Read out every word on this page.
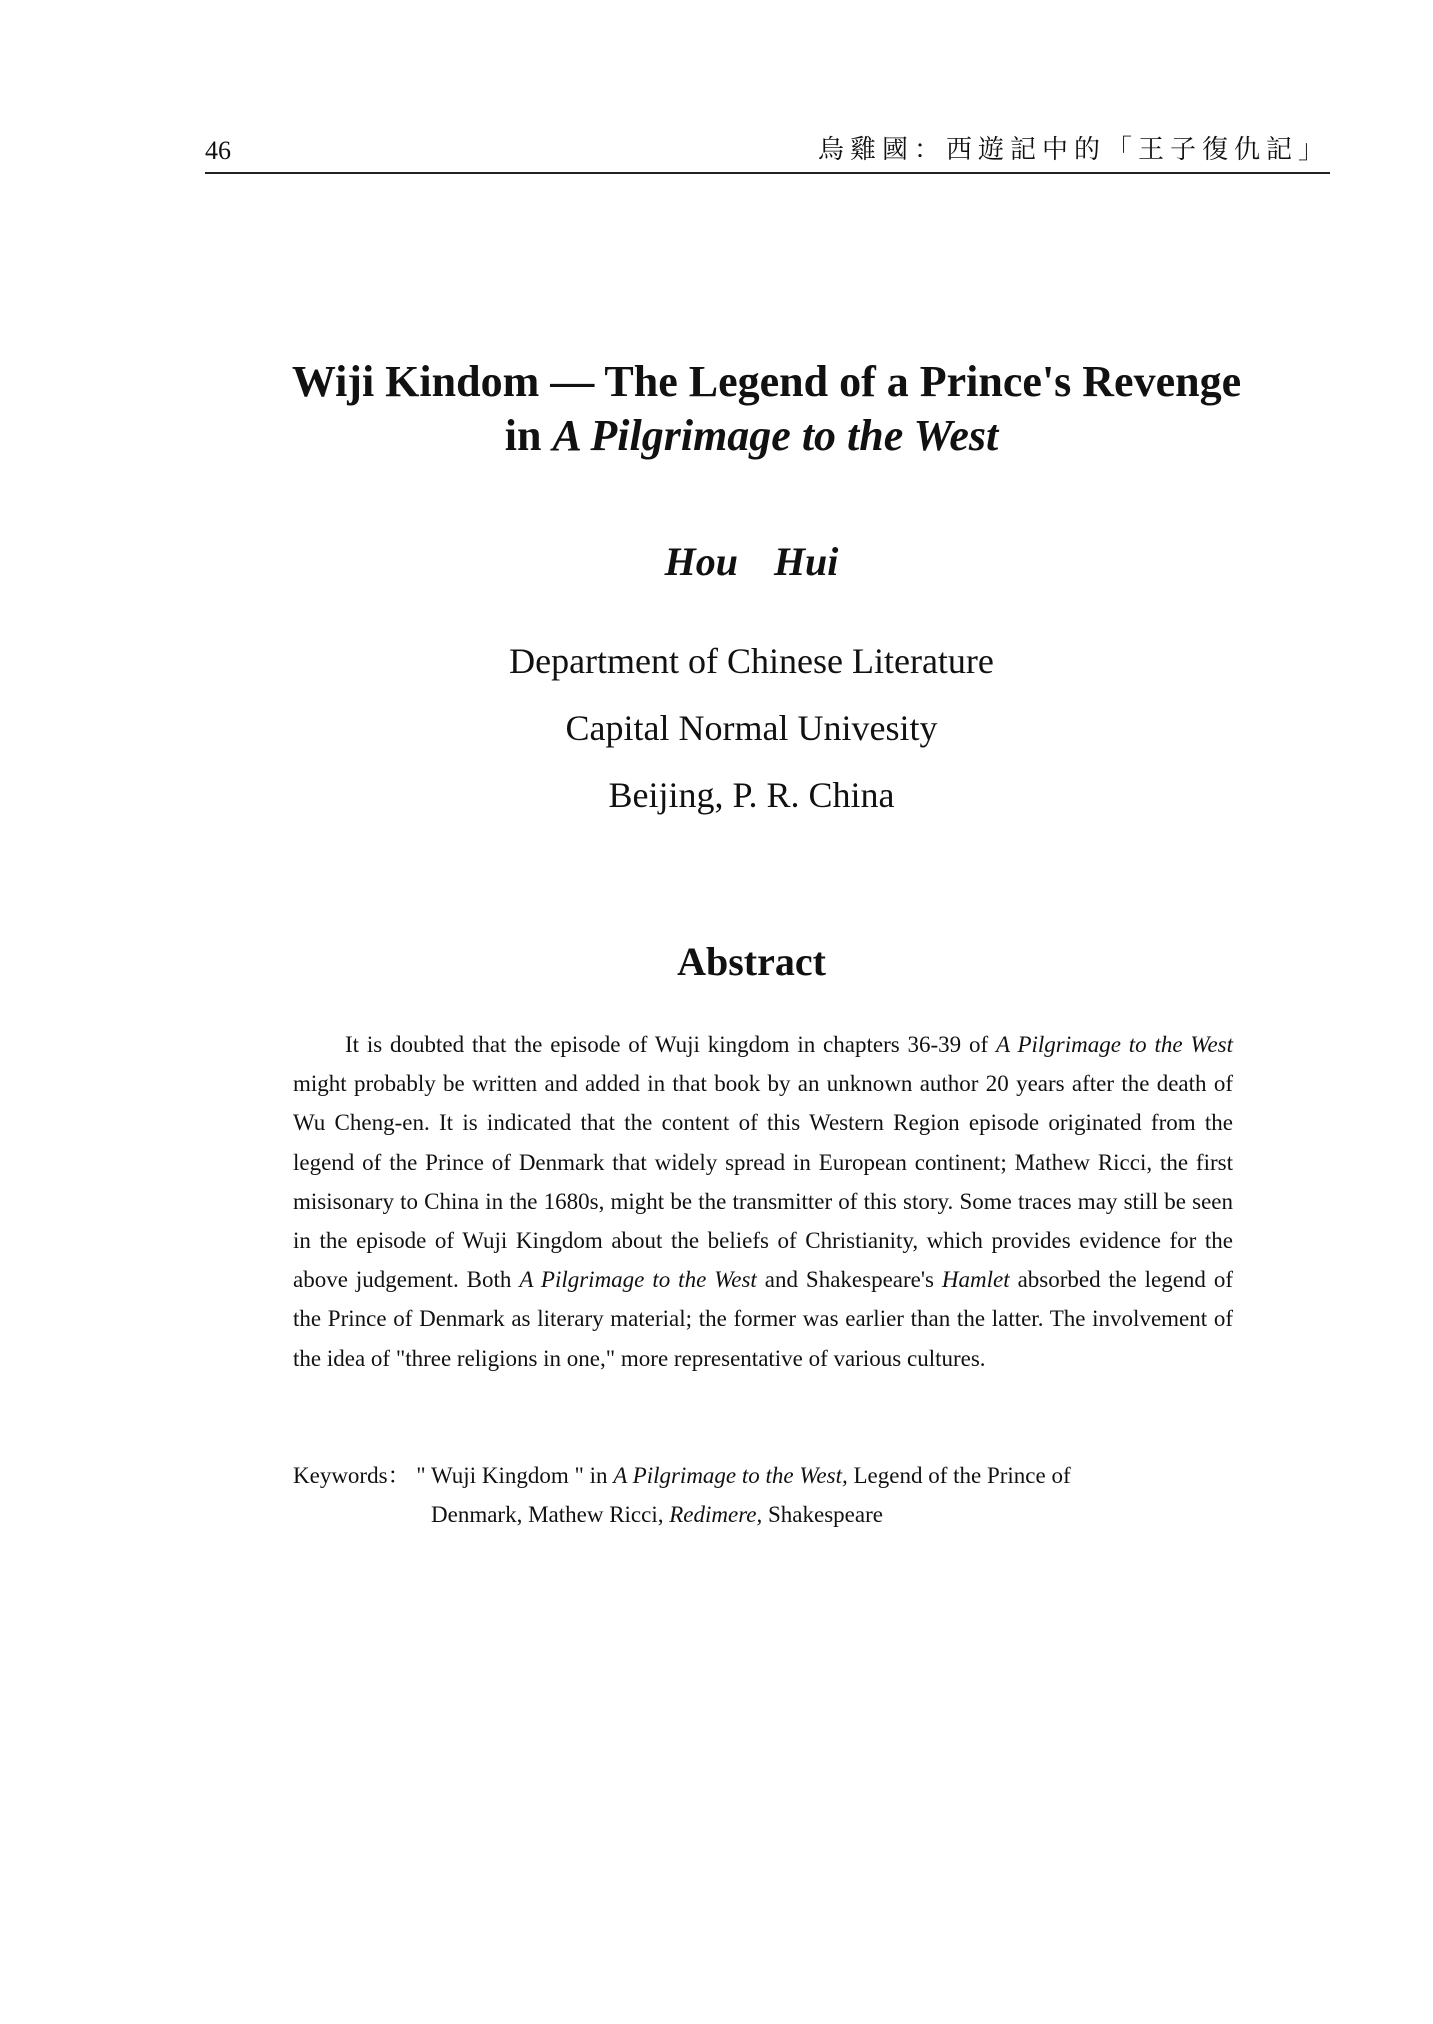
46	烏雞國：西遊記中的「王子復仇記」
Wiji Kindom — The Legend of a Prince's Revenge
in A Pilgrimage to the West
Hou Hui
Department of Chinese Literature
Capital Normal Univesity
Beijing, P. R. China
Abstract
It is doubted that the episode of Wuji kingdom in chapters 36-39 of A Pilgrimage to the West might probably be written and added in that book by an unknown author 20 years after the death of Wu Cheng-en. It is indicated that the content of this Western Region episode originated from the legend of the Prince of Denmark that widely spread in European continent; Mathew Ricci, the first misisonary to China in the 1680s, might be the transmitter of this story. Some traces may still be seen in the episode of Wuji Kingdom about the beliefs of Christianity, which provides evidence for the above judgement. Both A Pilgrimage to the West and Shakespeare's Hamlet absorbed the legend of the Prince of Denmark as literary material; the former was earlier than the latter. The involvement of the idea of "three religions in one," more representative of various cultures.
Keywords： " Wuji Kingdom " in A Pilgrimage to the West, Legend of the Prince of
Denmark, Mathew Ricci, Redimere, Shakespeare
